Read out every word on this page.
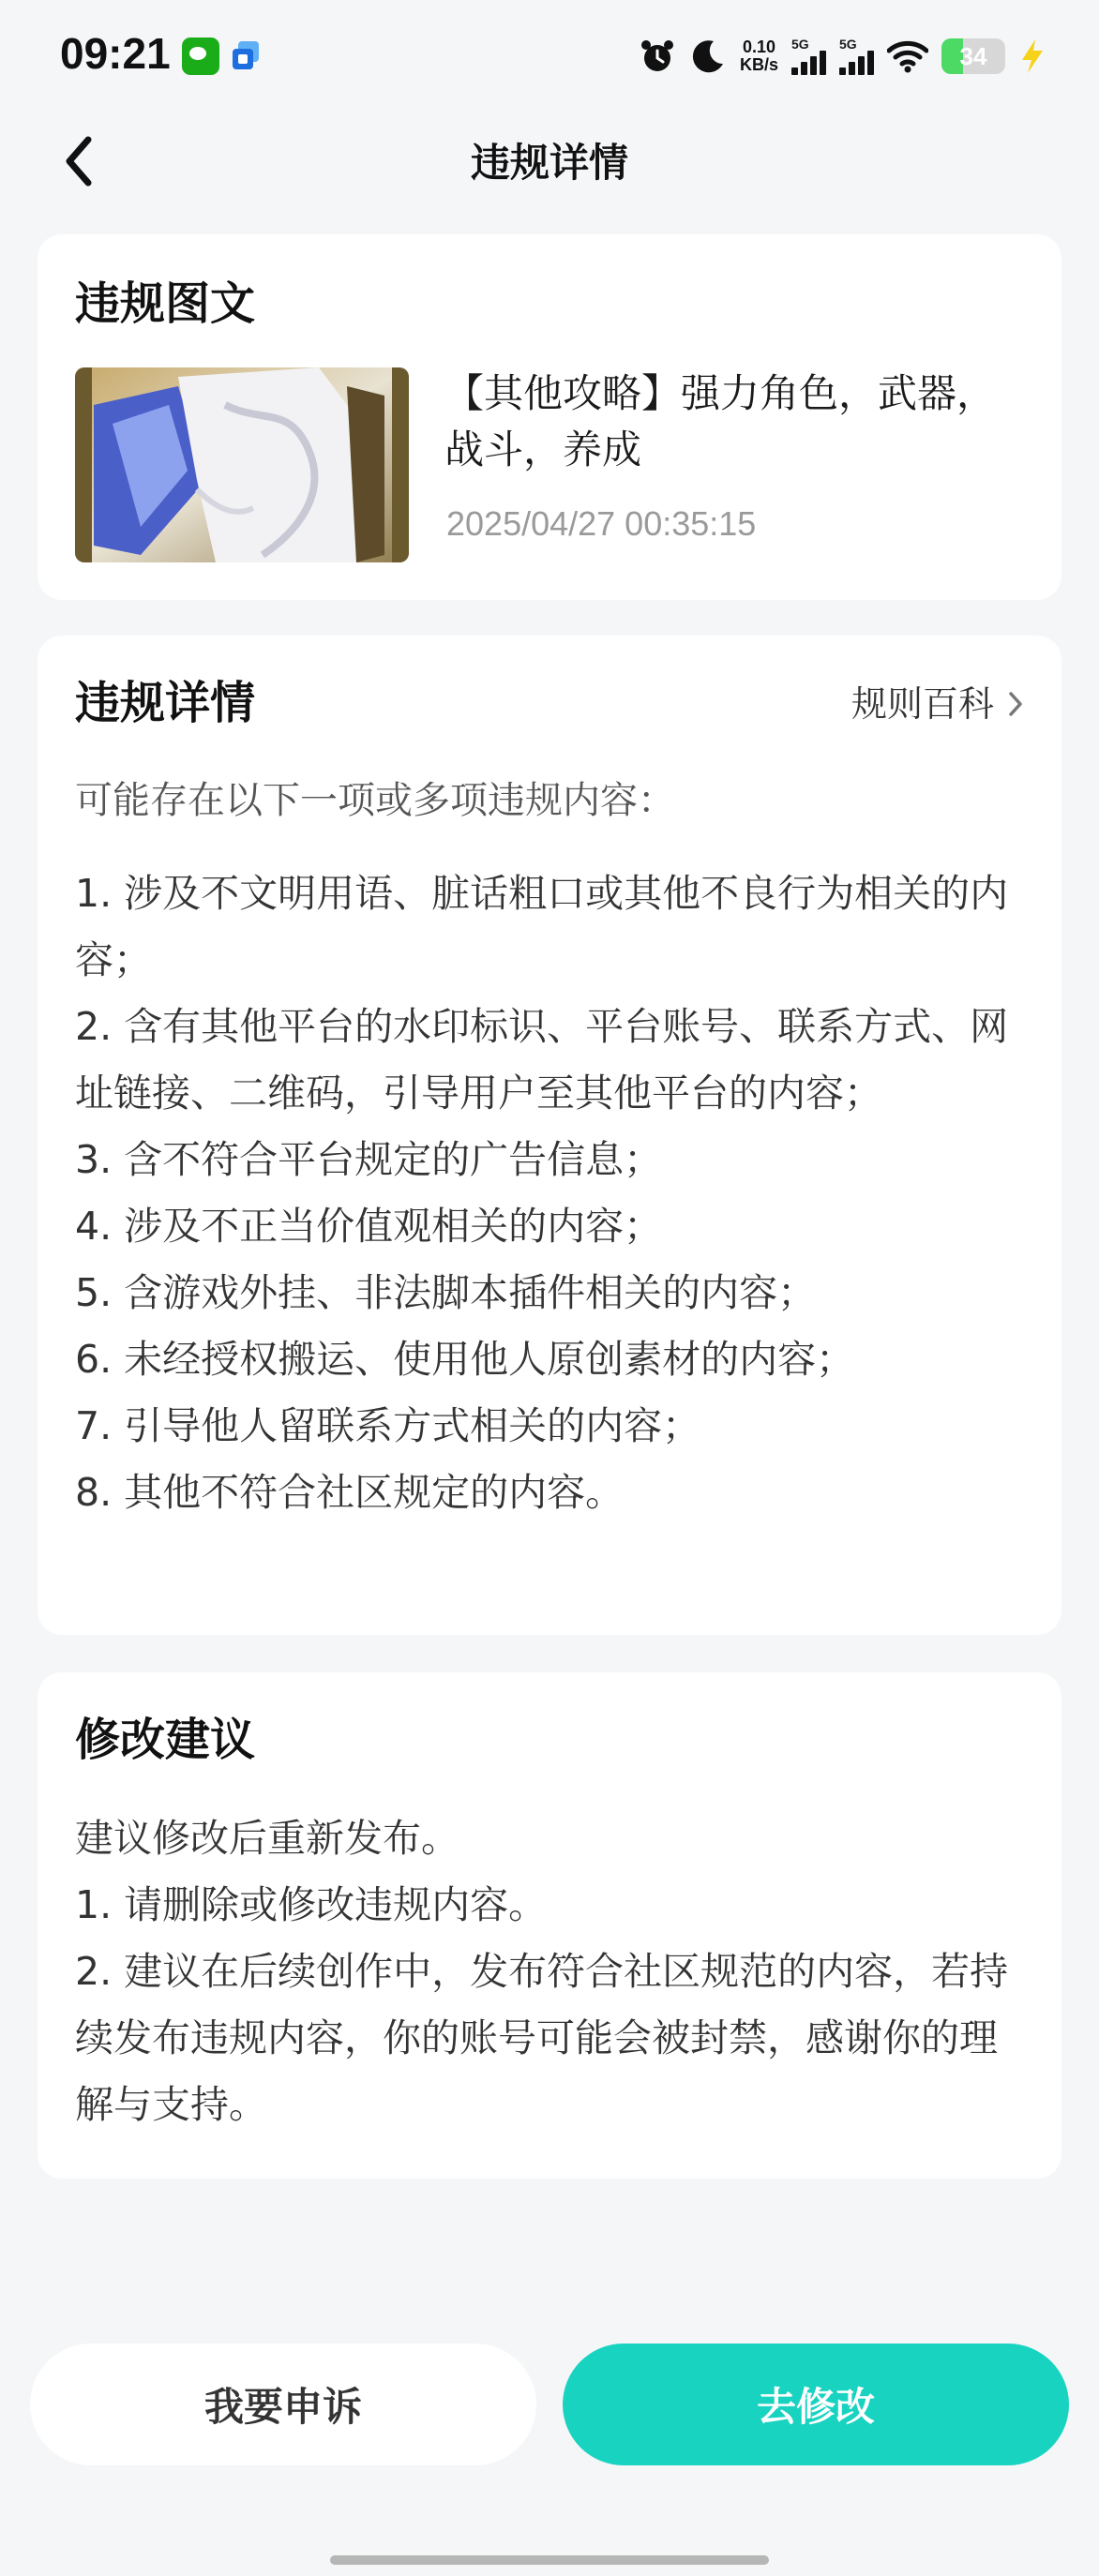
09:21	0.10
KB/s
5G 5G	34
违规详情
违规图文
【其他攻略】强力角色，武器，战斗，养成
2025/04/27 00:35:15
违规详情	规则百科
可能存在以下一项或多项违规内容：
1. 涉及不文明用语、脏话粗口或其他不良行为相关的内容；
2. 含有其他平台的水印标识、平台账号、联系方式、网址链接、二维码，引导用户至其他平台的内容；
3. 含不符合平台规定的广告信息；
4. 涉及不正当价值观相关的内容；
5. 含游戏外挂、非法脚本插件相关的内容；
6. 未经授权搬运、使用他人原创素材的内容；
7. 引导他人留联系方式相关的内容；
8. 其他不符合社区规定的内容。
修改建议
建议修改后重新发布。
1. 请删除或修改违规内容。
2. 建议在后续创作中，发布符合社区规范的内容，若持续发布违规内容，你的账号可能会被封禁，感谢你的理解与支持。
我要申诉	去修改
